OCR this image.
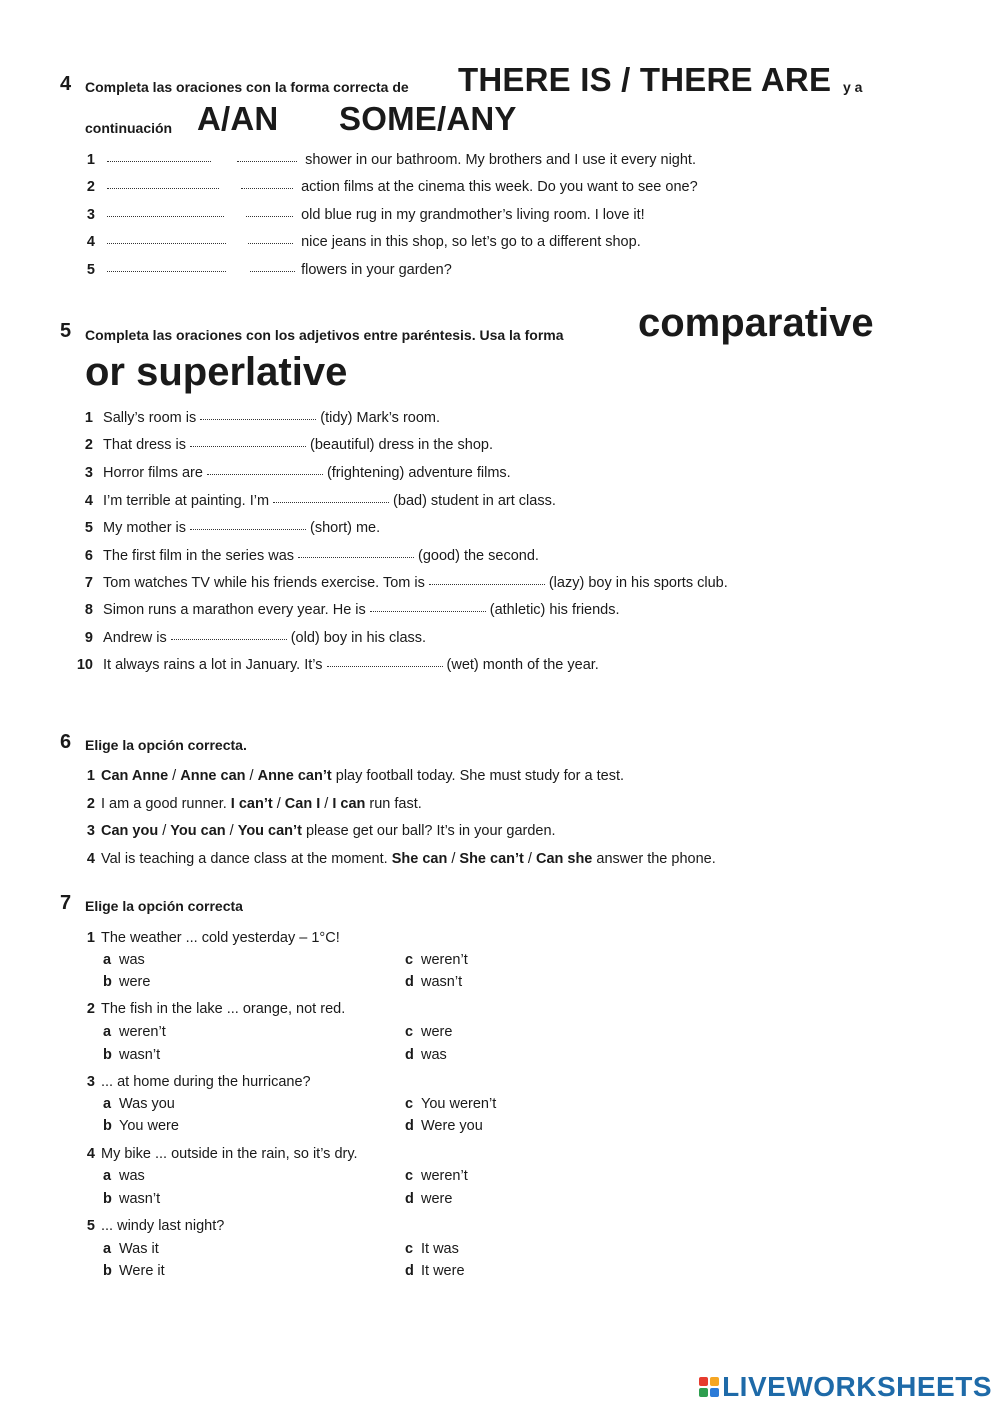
4 Completa las oraciones con la forma correcta de THERE IS / THERE ARE y a
continuación A/AN SOME/ANY
1	shower in our bathroom. My brothers and I use it every night.
2	action films at the cinema this week. Do you want to see one?
3	old blue rug in my grandmother’s living room. I love it!
4	nice jeans in this shop, so let’s go to a different shop.
5	flowers in your garden?
5 Completa las oraciones con los adjetivos entre paréntesis. Usa la forma comparative
or superlative
1 Sally’s room is	(tidy) Mark’s room.
2 That dress is	(beautiful) dress in the shop.
3 Horror films are	(frightening) adventure films.
4 I’m terrible at painting. I’m	(bad) student in art class.
5 My mother is	(short) me.
6 The first film in the series was	(good) the second.
7 Tom watches TV while his friends exercise. Tom is	(lazy) boy in his sports club.
8 Simon runs a marathon every year. He is	(athletic) his friends.
9 Andrew is	(old) boy in his class.
10 It always rains a lot in January. It’s	(wet) month of the year.
6 Elige la opción correcta.
1 Can Anne / Anne can / Anne can’t play football today. She must study for a test.
2 I am a good runner. I can’t / Can I / I can run fast.
3 Can you / You can / You can’t please get our ball? It’s in your garden.
4 Val is teaching a dance class at the moment. She can / She can’t / Can she answer the phone.
7 Elige la opción correcta
1 The weather ... cold yesterday – 1°C!
a was
b were
c weren’t
d wasn’t
2 The fish in the lake ... orange, not red.
a weren’t
b wasn’t
c were
d was
3 ... at home during the hurricane?
a Was you
b You were
c You weren’t
d Were you
4 My bike ... outside in the rain, so it’s dry.
a was
b wasn’t
c weren’t
d were
5 ... windy last night?
a Was it
b Were it
c It was
d It were
LIVEWORKSHEETS
